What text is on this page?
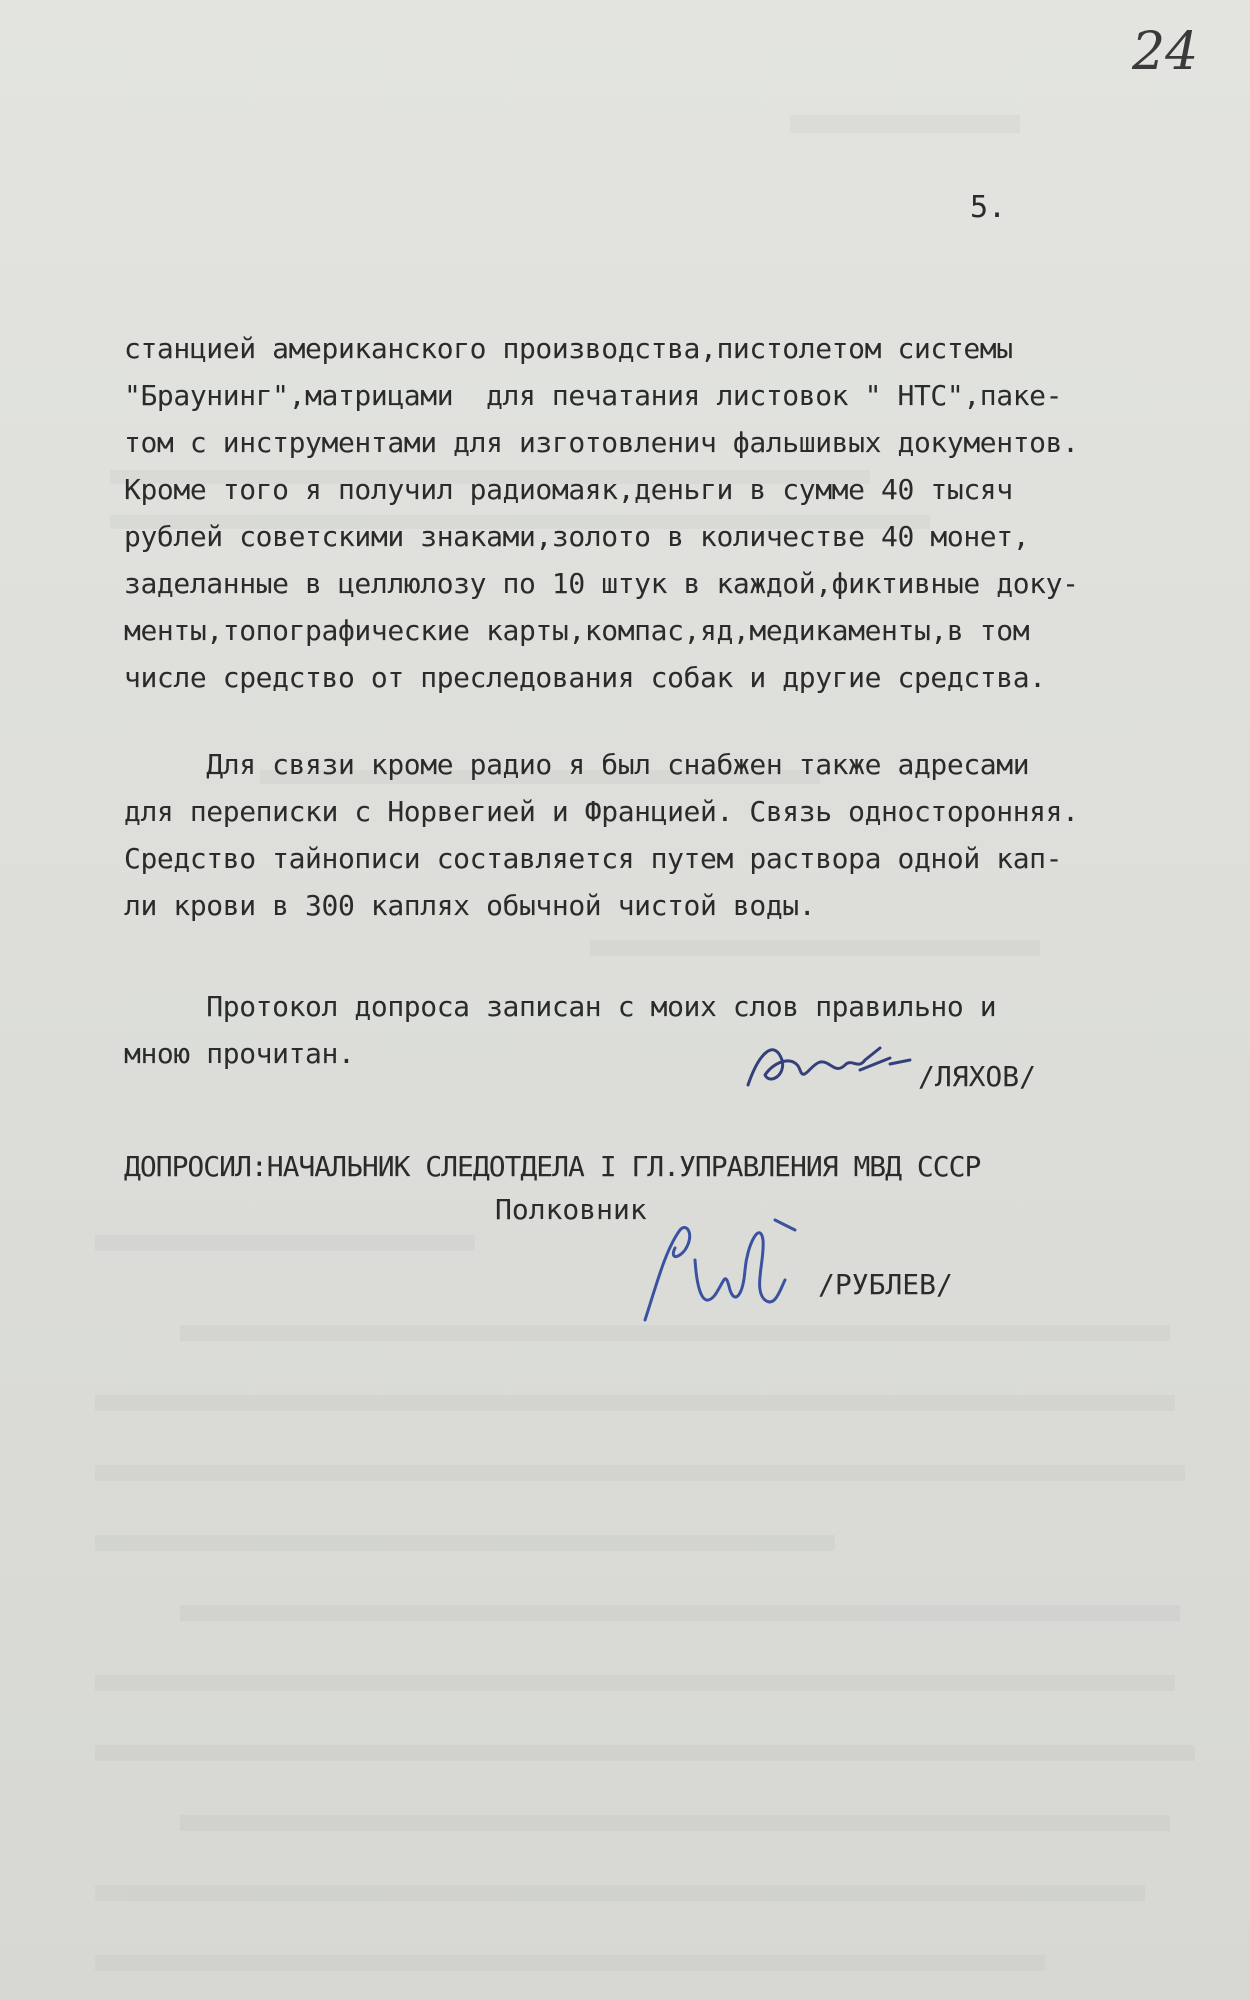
24
5.

станцией американского производства,пистолетом системы

"Браунинг",матрицами  для печатания листовок " НТС",паке-

том с инструментами для изготовленич фальшивых документов.

Кроме того я получил радиомаяк,деньги в сумме 40 тысяч

рублей советскими знаками,золото в количестве 40 монет,

заделанные в целлюлозу по 10 штук в каждой,фиктивные доку-

менты,топографические карты,компас,яд,медикаменты,в том

числе средство от преследования собак и другие средства.

Для связи кроме радио я был снабжен также адресами

для переписки с Норвегией и Францией. Связь односторонняя.

Средство тайнописи составляется путем раствора одной кап-

ли крови в 300 каплях обычной чистой воды.

Протокол допроса записан с моих слов правильно и

мною прочитан.

/ЛЯХОВ/
ДОПРОСИЛ:НАЧАЛЬНИК СЛЕДОТДЕЛА I ГЛ.УПРАВЛЕНИЯ МВД СССР
Полковник
/РУБЛЕВ/
